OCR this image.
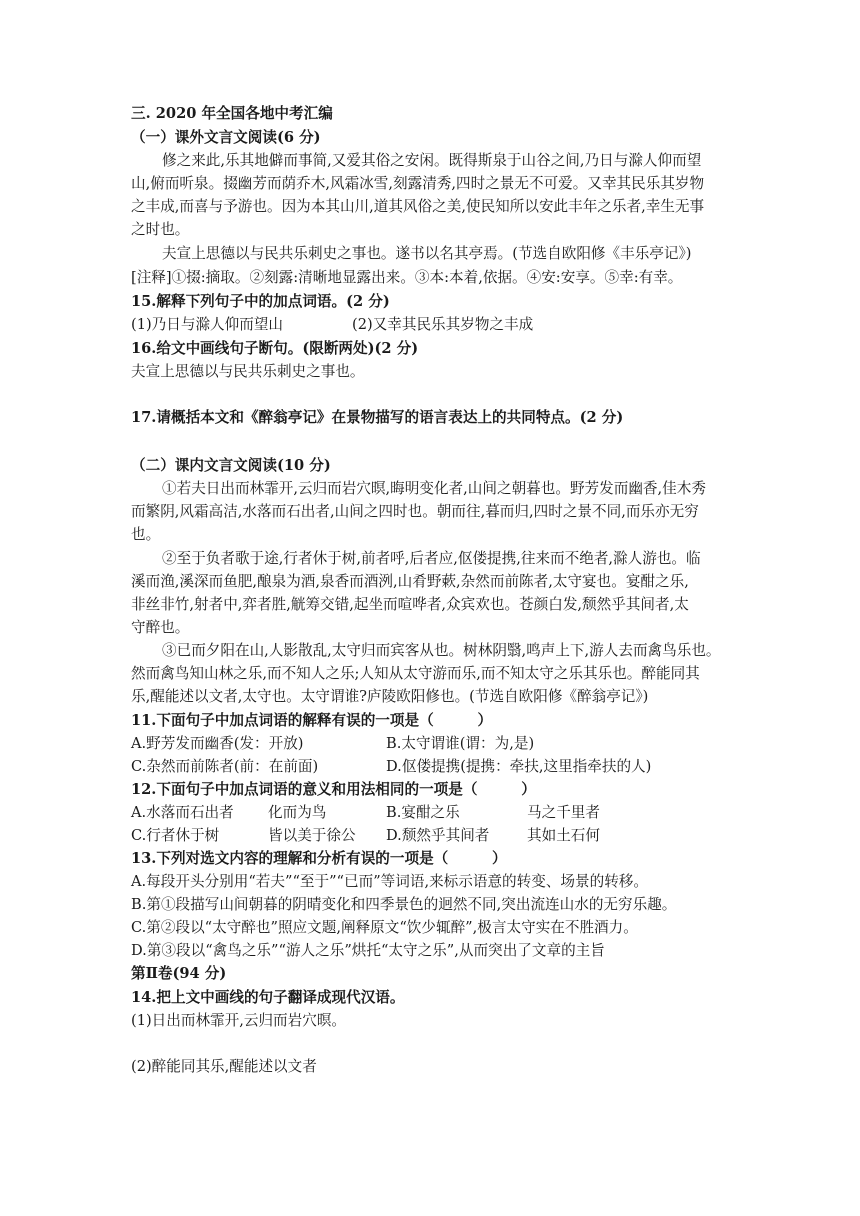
三. 2020 年全国各地中考汇编
（一）课外文言文阅读(6 分)
修之来此,乐其地僻而事简,又爱其俗之安闲。既得斯泉于山谷之间,乃日与滁人仰而望
山,俯而听泉。掇幽芳而荫乔木,风霜冰雪,刻露清秀,四时之景无不可爱。又幸其民乐其岁物
之丰成,而喜与予游也。因为本其山川,道其风俗之美,使民知所以安此丰年之乐者,幸生无事
之时也。
夫宣上思德以与民共乐刺史之事也。遂书以名其亭焉。(节选自欧阳修《丰乐亭记》)
[注释]①掇:摘取。②刻露:清晰地显露出来。③本:本着,依据。④安:安享。⑤幸:有幸。
15.解释下列句子中的加点词语。(2 分)
(1)乃日与滁人仰而望山	(2)又幸其民乐其岁物之丰成
16.给文中画线句子断句。(限断两处)(2 分)
夫宣上思德以与民共乐刺史之事也。
17.请概括本文和《醉翁亭记》在景物描写的语言表达上的共同特点。(2 分)
（二）课内文言文阅读(10 分)
①若夫日出而林霏开,云归而岩穴暝,晦明变化者,山间之朝暮也。野芳发而幽香,佳木秀
而繁阴,风霜高洁,水落而石出者,山间之四时也。朝而往,暮而归,四时之景不同,而乐亦无穷
也。
②至于负者歌于途,行者休于树,前者呼,后者应,伛偻提携,往来而不绝者,滁人游也。临
溪而渔,溪深而鱼肥,酿泉为酒,泉香而酒洌,山肴野蔌,杂然而前陈者,太守宴也。宴酣之乐,
非丝非竹,射者中,弈者胜,觥筹交错,起坐而喧哗者,众宾欢也。苍颜白发,颓然乎其间者,太
守醉也。
③已而夕阳在山,人影散乱,太守归而宾客从也。树林阴翳,鸣声上下,游人去而禽鸟乐也。
然而禽鸟知山林之乐,而不知人之乐;人知从太守游而乐,而不知太守之乐其乐也。醉能同其
乐,醒能述以文者,太守也。太守谓谁?庐陵欧阳修也。(节选自欧阳修《醉翁亭记》)
11.下面句子中加点词语的解释有误的一项是（　　　）
A.野芳发而幽香(发：开放)	B.太守谓谁(谓：为,是)
C.杂然而前陈者(前：在前面)	D.伛偻提携(提携：牵扶,这里指牵扶的人)
12.下面句子中加点词语的意义和用法相同的一项是（　　　）
A.水落而石出者 化而为鸟	B.宴酣之乐	马之千里者
C.行者休于树	皆以美于徐公 D.颓然乎其间者	其如土石何
13.下列对选文内容的理解和分析有误的一项是（　　　）
A.每段开头分别用“若夫”“至于”“已而”等词语,来标示语意的转变、场景的转移。
B.第①段描写山间朝暮的阴晴变化和四季景色的迥然不同,突出流连山水的无穷乐趣。
C.第②段以“太守醉也”照应文题,阐释原文“饮少辄醉”,极言太守实在不胜酒力。
D.第③段以“禽鸟之乐”“游人之乐”烘托“太守之乐”,从而突出了文章的主旨
第Ⅱ卷(94 分)
14.把上文中画线的句子翻译成现代汉语。
(1)日出而林霏开,云归而岩穴暝。
(2)醉能同其乐,醒能述以文者
